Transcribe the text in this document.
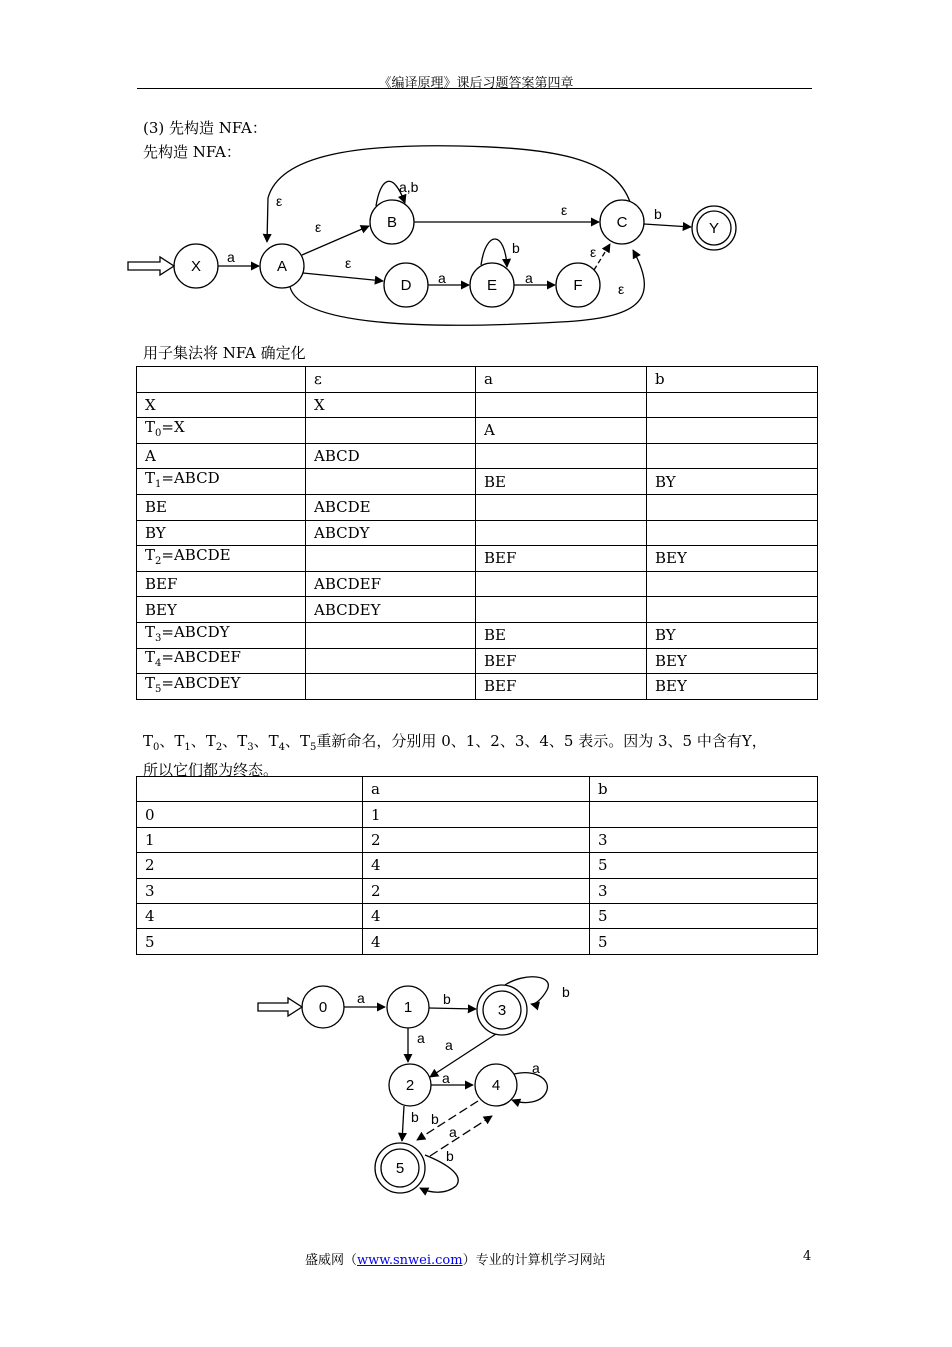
《编译原理》课后习题答案第四章
(3) 先构造 NFA：
先构造 NFA：
a
ε
ε
a,b
ε	b
ε
a
b
a
ε
ε
X	A
B	C	Y
D	E	F
用子集法将 NFA 确定化
	ε	a	b
X	X		
$T_0=X$		A	
A	ABCD		
$T_1=ABCD$		BE	BY
BE	ABCDE		
BY	ABCDY		
$T_2=ABCDE$		BEF	BEY
BEF	ABCDEF		
BEY	ABCDEY		
$T_3=ABCDY$		BE	BY
$T_4=ABCDEF$		BEF	BEY
$T_5=ABCDEY$		BEF	BEY
$T_0$、$T_1$、$T_2$、$T_3$、$T_4$、$T_5$重新命名，分别用 0、1、2、3、4、5 表示。因为 3、5 中含有Y，
所以它们都为终态。
	a	b
0	1	
1	2	3
2	4	5
3	2	3
4	4	5
5	4	5
a	b	b
a a
a
a
b b
a
b
0	1	3
2	4
5
盛威网（www.snwei.com）专业的计算机学习网站	4
